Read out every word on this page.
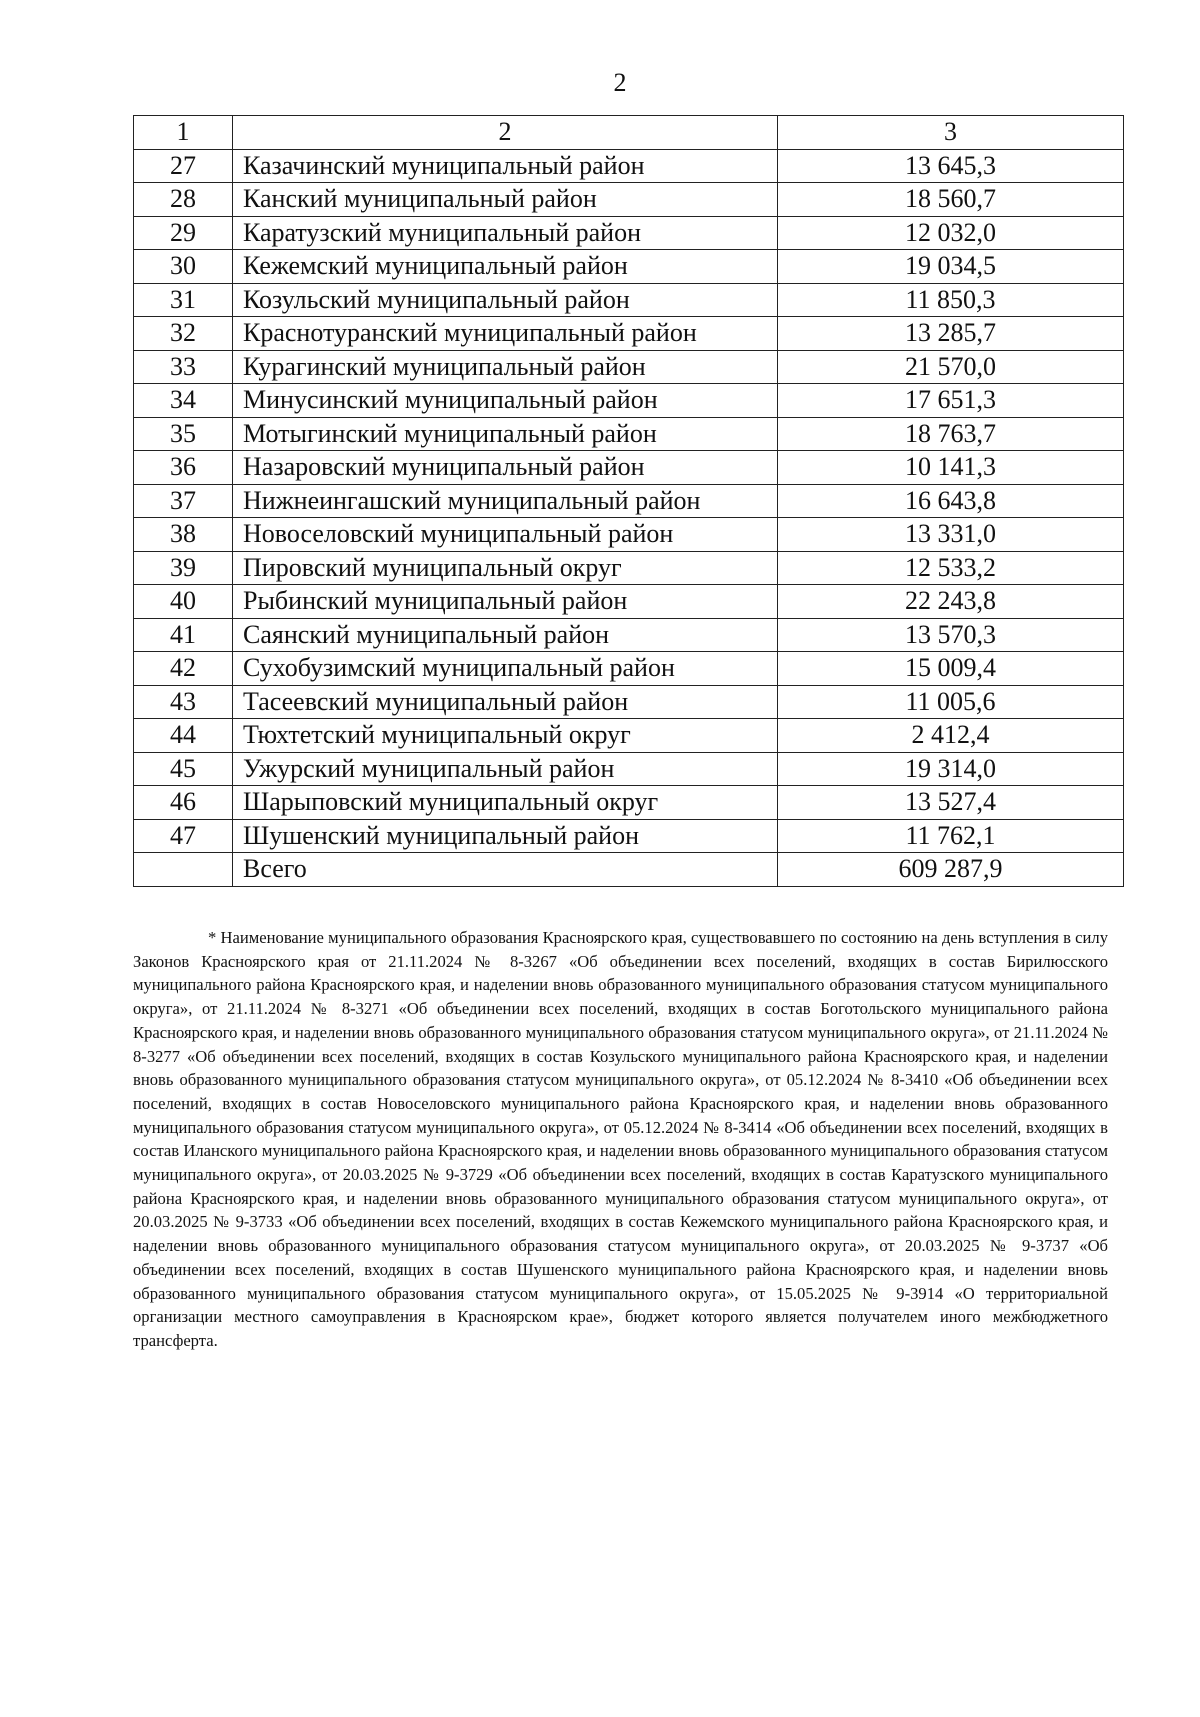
2
1	2	3
27	Казачинский муниципальный район	13 645,3
28	Канский муниципальный район	18 560,7
29	Каратузский муниципальный район	12 032,0
30	Кежемский муниципальный район	19 034,5
31	Козульский муниципальный район	11 850,3
32	Краснотуранский муниципальный район	13 285,7
33	Курагинский муниципальный район	21 570,0
34	Минусинский муниципальный район	17 651,3
35	Мотыгинский муниципальный район	18 763,7
36	Назаровский муниципальный район	10 141,3
37	Нижнеингашский муниципальный район	16 643,8
38	Новоселовский муниципальный район	13 331,0
39	Пировский муниципальный округ	12 533,2
40	Рыбинский муниципальный район	22 243,8
41	Саянский муниципальный район	13 570,3
42	Сухобузимский муниципальный район	15 009,4
43	Тасеевский муниципальный район	11 005,6
44	Тюхтетский муниципальный округ	2 412,4
45	Ужурский муниципальный район	19 314,0
46	Шарыповский муниципальный округ	13 527,4
47	Шушенский муниципальный район	11 762,1
	Всего	609 287,9

* Наименование муниципального образования Красноярского края, существовавшего по состоянию на день вступления в силу Законов Красноярского края от 21.11.2024 № 8-3267 «Об объединении всех поселений, входящих в состав Бирилюсского муниципального района Красноярского края, и наделении вновь образованного муниципального образования статусом муниципального округа», от 21.11.2024 № 8-3271 «Об объединении всех поселений, входящих в состав Боготольского муниципального района Красноярского края, и наделении вновь образованного муниципального образования статусом муниципального округа», от 21.11.2024 № 8-3277 «Об объединении всех поселений, входящих в состав Козульского муниципального района Красноярского края, и наделении вновь образованного муниципального образования статусом муниципального округа», от 05.12.2024 № 8-3410 «Об объединении всех поселений, входящих в состав Новоселовского муниципального района Красноярского края, и наделении вновь образованного муниципального образования статусом муниципального округа», от 05.12.2024 № 8-3414 «Об объединении всех поселений, входящих в состав Иланского муниципального района Красноярского края, и наделении вновь образованного муниципального образования статусом муниципального округа», от 20.03.2025 № 9-3729 «Об объединении всех поселений, входящих в состав Каратузского муниципального района Красноярского края, и наделении вновь образованного муниципального образования статусом муниципального округа», от 20.03.2025 № 9-3733 «Об объединении всех поселений, входящих в состав Кежемского муниципального района Красноярского края, и наделении вновь образованного муниципального образования статусом муниципального округа», от 20.03.2025 № 9-3737 «Об объединении всех поселений, входящих в состав Шушенского муниципального района Красноярского края, и наделении вновь образованного муниципального образования статусом муниципального округа», от 15.05.2025 № 9-3914 «О территориальной организации местного самоуправления в Красноярском крае», бюджет которого является получателем иного межбюджетного трансферта.
